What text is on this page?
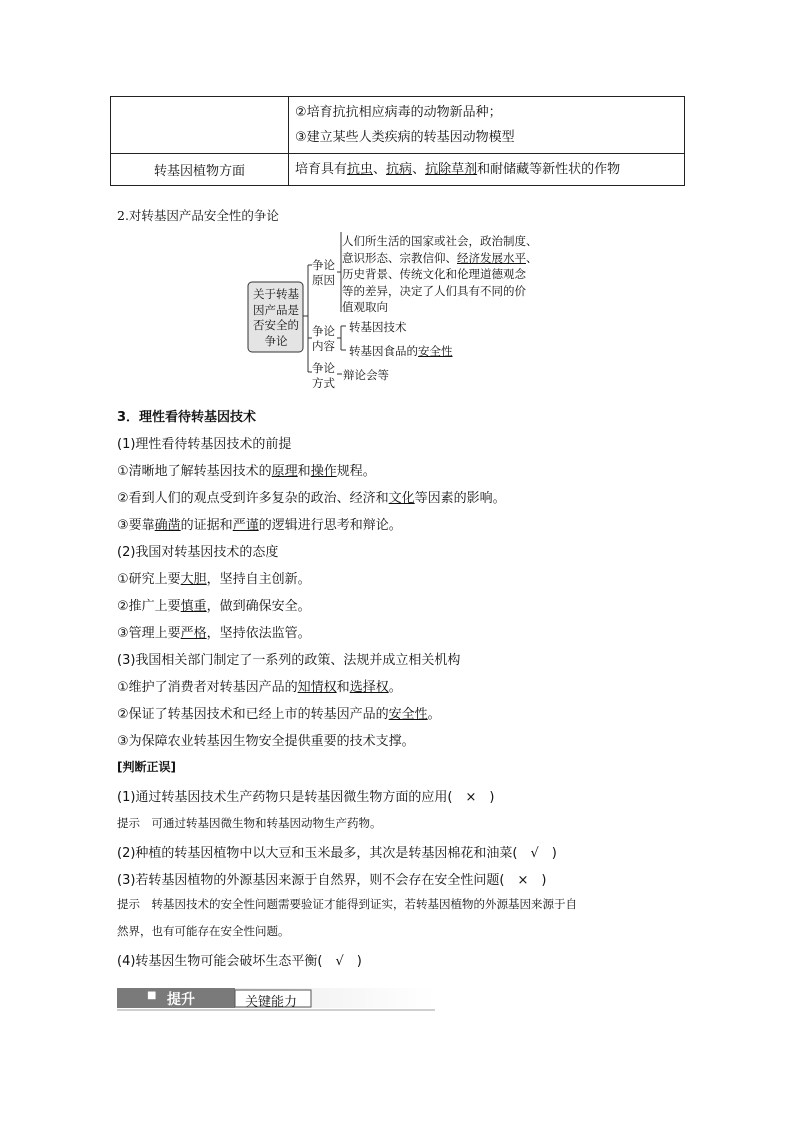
	②培育抗抗相应病毒的动物新品种；
③建立某些人类疾病的转基因动物模型

转基因植物方面	培育具有抗虫、抗病、抗除草剂和耐储藏等新性状的作物
2.对转基因产品安全性的争论
关于转基
因产品是
否安全的
争论
争论
原因
人们所生活的国家或社会，政治制度、
意识形态、宗教信仰、经济发展水平、
历史背景、传统文化和伦理道德观念
等的差异，决定了人们具有不同的价
值观取向
争论
内容
转基因技术
转基因食品的安全性
争论
方式
辩论会等
3．理性看待转基因技术
(1)理性看待转基因技术的前提
①清晰地了解转基因技术的原理和操作规程。
②看到人们的观点受到许多复杂的政治、经济和文化等因素的影响。
③要靠确凿的证据和严谨的逻辑进行思考和辩论。
(2)我国对转基因技术的态度
①研究上要大胆，坚持自主创新。
②推广上要慎重，做到确保安全。
③管理上要严格，坚持依法监管。
(3)我国相关部门制定了一系列的政策、法规并成立相关机构
①维护了消费者对转基因产品的知情权和选择权。
②保证了转基因技术和已经上市的转基因产品的安全性。
③为保障农业转基因生物安全提供重要的技术支撑。
[判断正误]
(1)通过转基因技术生产药物只是转基因微生物方面的应用(　×　)
提示　可通过转基因微生物和转基因动物生产药物。
(2)种植的转基因植物中以大豆和玉米最多，其次是转基因棉花和油菜(　√　)
(3)若转基因植物的外源基因来源于自然界，则不会存在安全性问题(　×　)
提示　转基因技术的安全性问题需要验证才能得到证实，若转基因植物的外源基因来源于自
然界，也有可能存在安全性问题。
(4)转基因生物可能会破坏生态平衡(　√　)
■ 提升	关键能力
